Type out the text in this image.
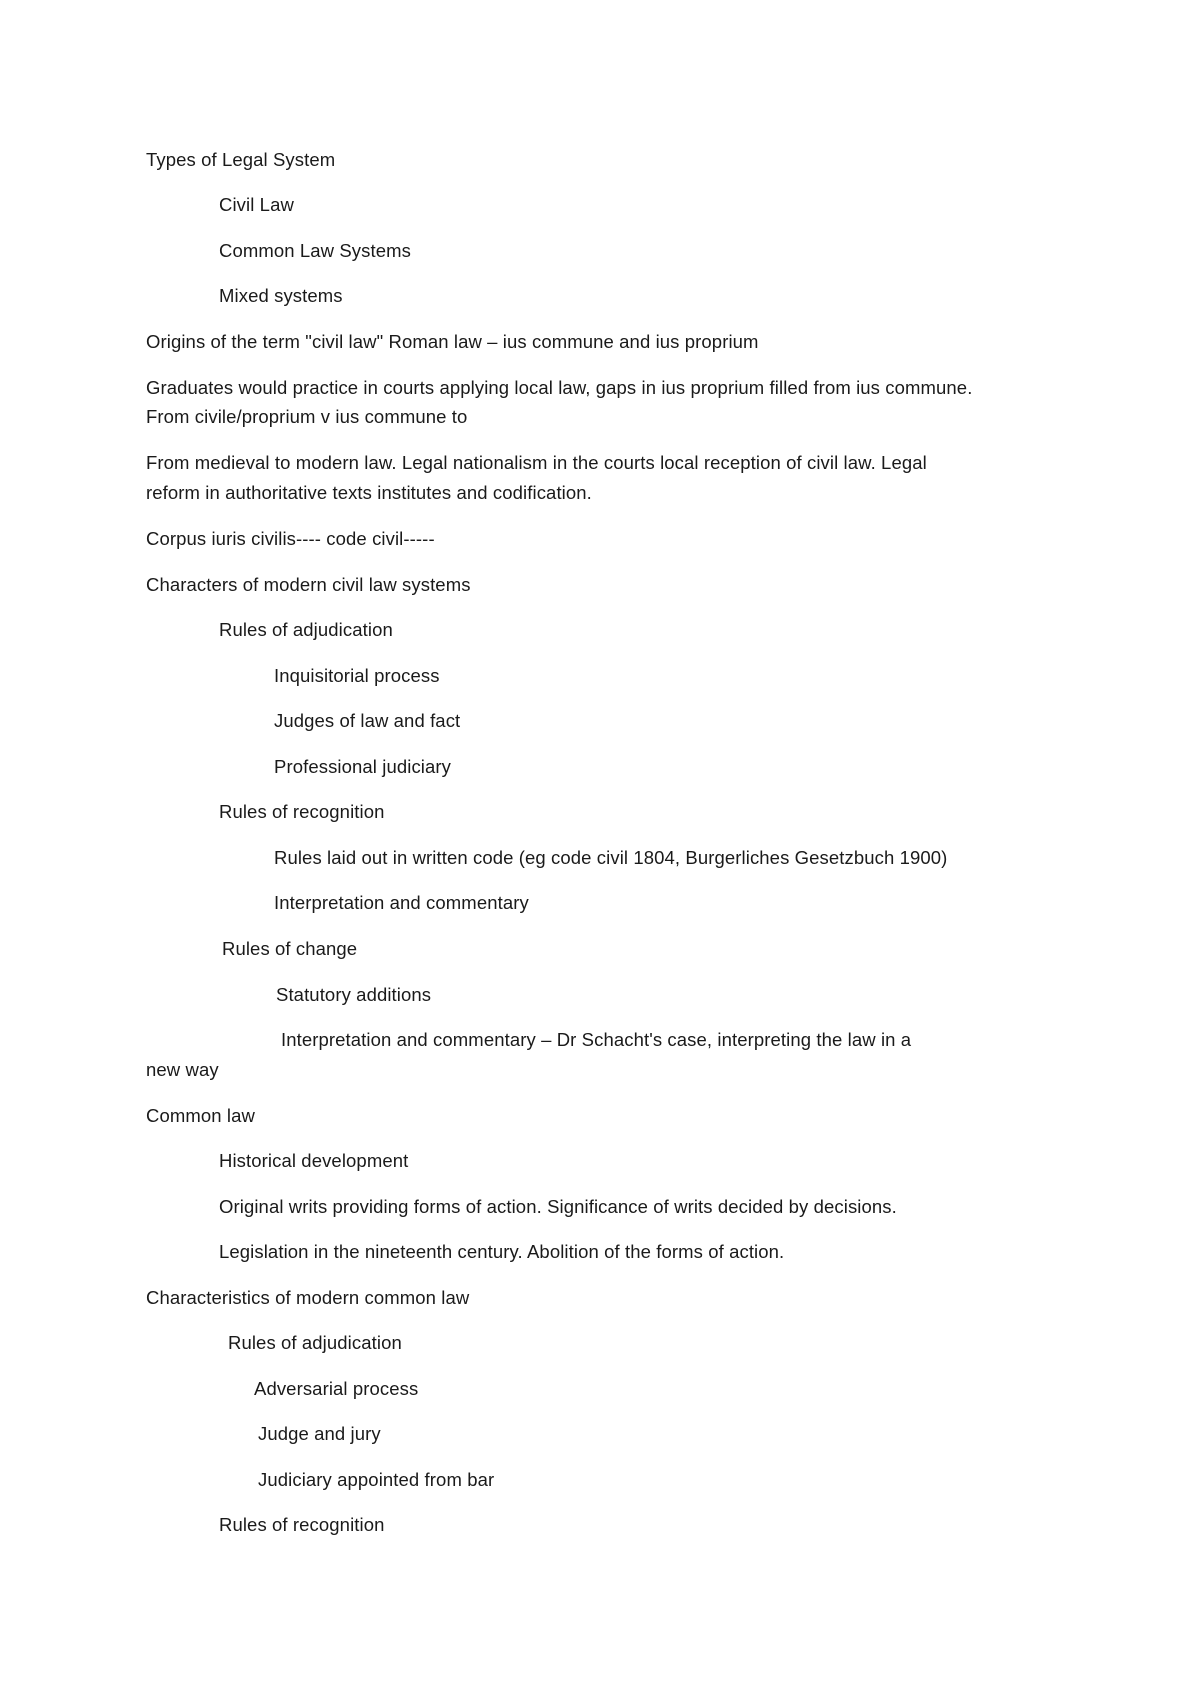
Types of Legal System
Civil Law
Common Law Systems
Mixed systems
Origins of the term "civil law" Roman law – ius commune and ius proprium
Graduates would practice in courts applying local law, gaps in ius proprium filled from ius commune.
From civile/proprium v ius commune to
From medieval to modern law. Legal nationalism in the courts local reception of civil law. Legal
reform in authoritative texts institutes and codification.
Corpus iuris civilis---- code civil-----
Characters of modern civil law systems
Rules of adjudication
Inquisitorial process
Judges of law and fact
Professional judiciary
Rules of recognition
Rules laid out in written code (eg code civil 1804, Burgerliches Gesetzbuch 1900)
Interpretation and commentary
Rules of change
Statutory additions
Interpretation and commentary – Dr Schacht's case, interpreting the law in a
new way
Common law
Historical development
Original writs providing forms of action. Significance of writs decided by decisions.
Legislation in the nineteenth century. Abolition of the forms of action.
Characteristics of modern common law
Rules of adjudication
Adversarial process
Judge and jury
Judiciary appointed from bar
Rules of recognition
